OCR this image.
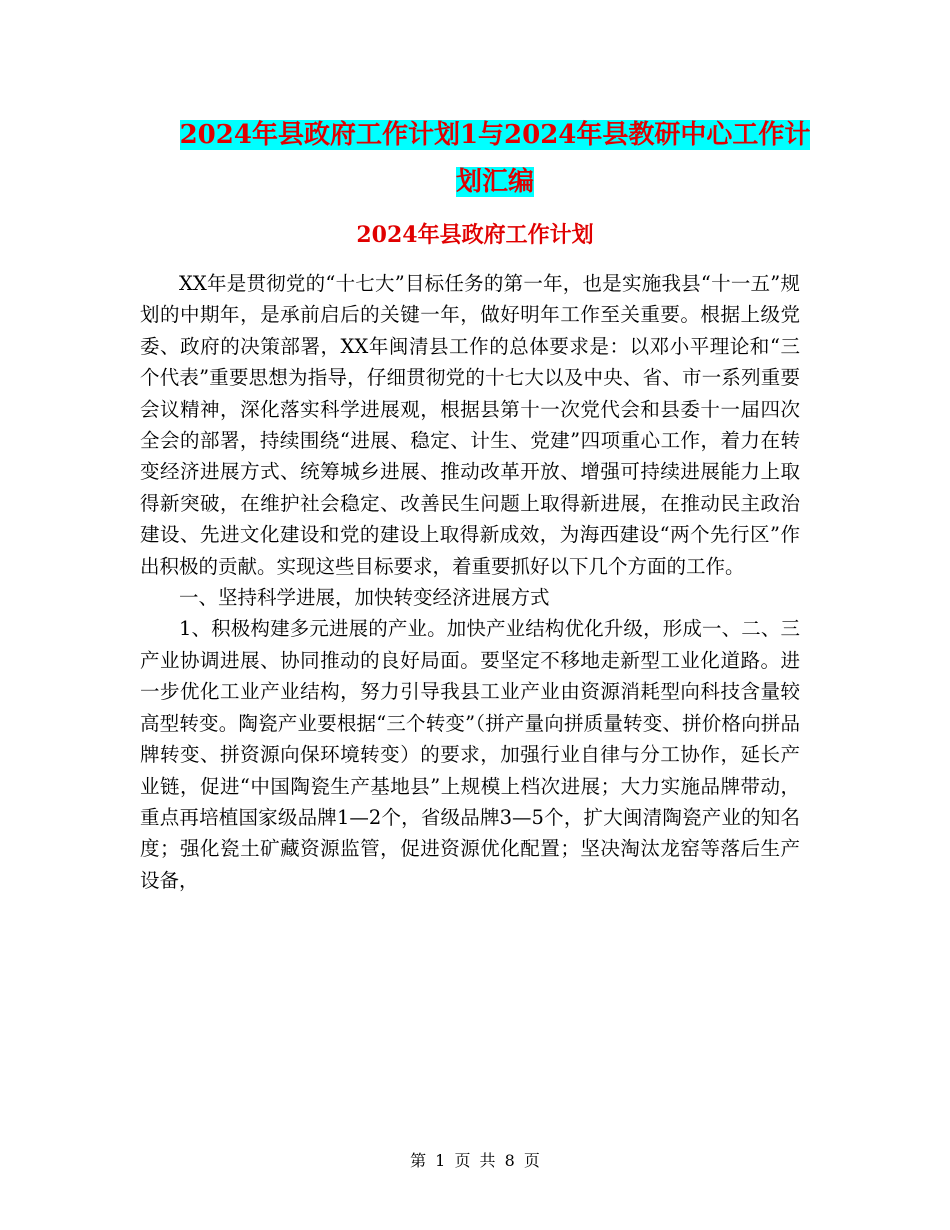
2024年县政府工作计划1与2024年县教研中心工作计
划汇编
2024年县政府工作计划

XX年是贯彻党的“十七大”目标任务的第一年，也是实施我县“十一五”规划的中期年，是承前启后的关键一年，做好明年工作至关重要。根据上级党委、政府的决策部署，XX年闽清县工作的总体要求是：以邓小平理论和“三个代表”重要思想为指导，仔细贯彻党的十七大以及中央、省、市一系列重要会议精神，深化落实科学进展观，根据县第十一次党代会和县委十一届四次全会的部署，持续围绕“进展、稳定、计生、党建”四项重心工作，着力在转变经济进展方式、统筹城乡进展、推动改革开放、增强可持续进展能力上取得新突破，在维护社会稳定、改善民生问题上取得新进展，在推动民主政治建设、先进文化建设和党的建设上取得新成效，为海西建设“两个先行区”作出积极的贡献。实现这些目标要求，着重要抓好以下几个方面的工作。

一、坚持科学进展，加快转变经济进展方式

1、积极构建多元进展的产业。加快产业结构优化升级，形成一、二、三产业协调进展、协同推动的良好局面。要坚定不移地走新型工业化道路。进一步优化工业产业结构，努力引导我县工业产业由资源消耗型向科技含量较高型转变。陶瓷产业要根据“三个转变”（拼产量向拼质量转变、拼价格向拼品牌转变、拼资源向保环境转变）的要求，加强行业自律与分工协作，延长产业链，促进“中国陶瓷生产基地县”上规模上档次进展；大力实施品牌带动，重点再培植国家级品牌1—2个，省级品牌3—5个，扩大闽清陶瓷产业的知名度；强化瓷土矿藏资源监管，促进资源优化配置；坚决淘汰龙窑等落后生产设备，

第 1 页 共 8 页
